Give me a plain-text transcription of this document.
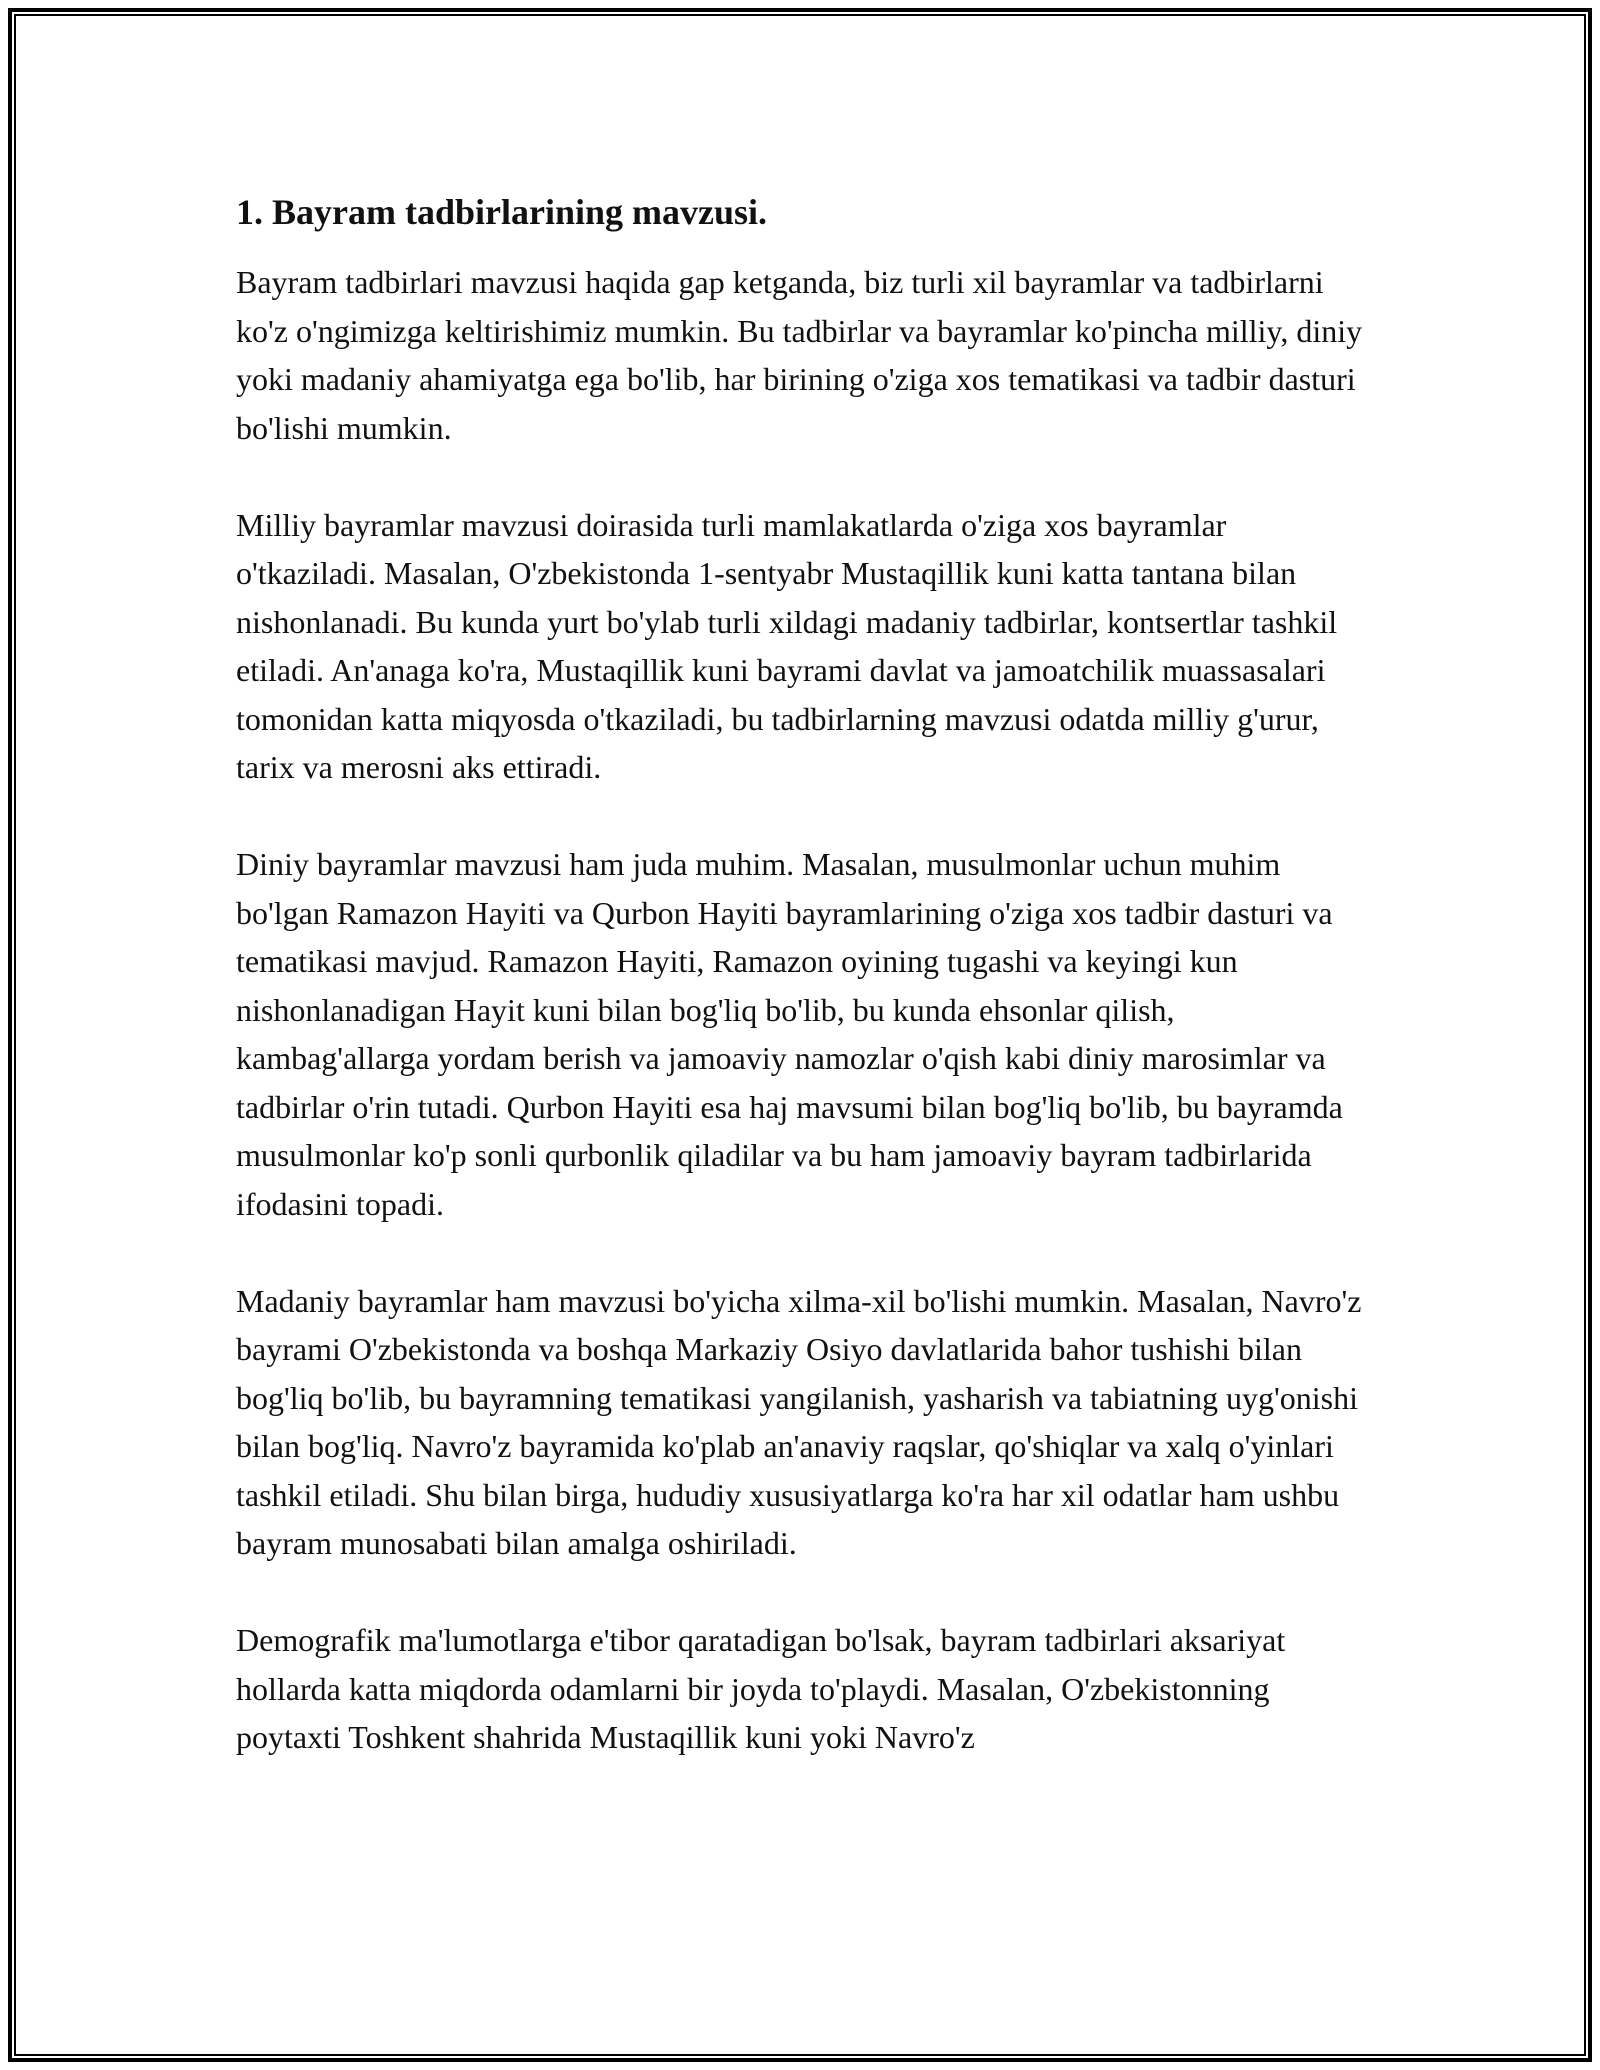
1. Bayram tadbirlarining mavzusi.

Bayram tadbirlari mavzusi haqida gap ketganda, biz turli xil bayramlar va tadbirlarni ko'z o'ngimizga keltirishimiz mumkin. Bu tadbirlar va bayramlar ko'pincha milliy, diniy yoki madaniy ahamiyatga ega bo'lib, har birining o'ziga xos tematikasi va tadbir dasturi bo'lishi mumkin.

Milliy bayramlar mavzusi doirasida turli mamlakatlarda o'ziga xos bayramlar o'tkaziladi. Masalan, O'zbekistonda 1-sentyabr Mustaqillik kuni katta tantana bilan nishonlanadi. Bu kunda yurt bo'ylab turli xildagi madaniy tadbirlar, kontsertlar tashkil etiladi. An'anaga ko'ra, Mustaqillik kuni bayrami davlat va jamoatchilik muassasalari tomonidan katta miqyosda o'tkaziladi, bu tadbirlarning mavzusi odatda milliy g'urur, tarix va merosni aks ettiradi.

Diniy bayramlar mavzusi ham juda muhim. Masalan, musulmonlar uchun muhim bo'lgan Ramazon Hayiti va Qurbon Hayiti bayramlarining o'ziga xos tadbir dasturi va tematikasi mavjud. Ramazon Hayiti, Ramazon oyining tugashi va keyingi kun nishonlanadigan Hayit kuni bilan bog'liq bo'lib, bu kunda ehsonlar qilish, kambag'allarga yordam berish va jamoaviy namozlar o'qish kabi diniy marosimlar va tadbirlar o'rin tutadi. Qurbon Hayiti esa haj mavsumi bilan bog'liq bo'lib, bu bayramda musulmonlar ko'p sonli qurbonlik qiladilar va bu ham jamoaviy bayram tadbirlarida ifodasini topadi.

Madaniy bayramlar ham mavzusi bo'yicha xilma-xil bo'lishi mumkin. Masalan, Navro'z bayrami O'zbekistonda va boshqa Markaziy Osiyo davlatlarida bahor tushishi bilan bog'liq bo'lib, bu bayramning tematikasi yangilanish, yasharish va tabiatning uyg'onishi bilan bog'liq. Navro'z bayramida ko'plab an'anaviy raqslar, qo'shiqlar va xalq o'yinlari tashkil etiladi. Shu bilan birga, hududiy xususiyatlarga ko'ra har xil odatlar ham ushbu bayram munosabati bilan amalga oshiriladi.

Demografik ma'lumotlarga e'tibor qaratadigan bo'lsak, bayram tadbirlari aksariyat hollarda katta miqdorda odamlarni bir joyda to'playdi. Masalan, O'zbekistonning poytaxti Toshkent shahrida Mustaqillik kuni yoki Navro'z
